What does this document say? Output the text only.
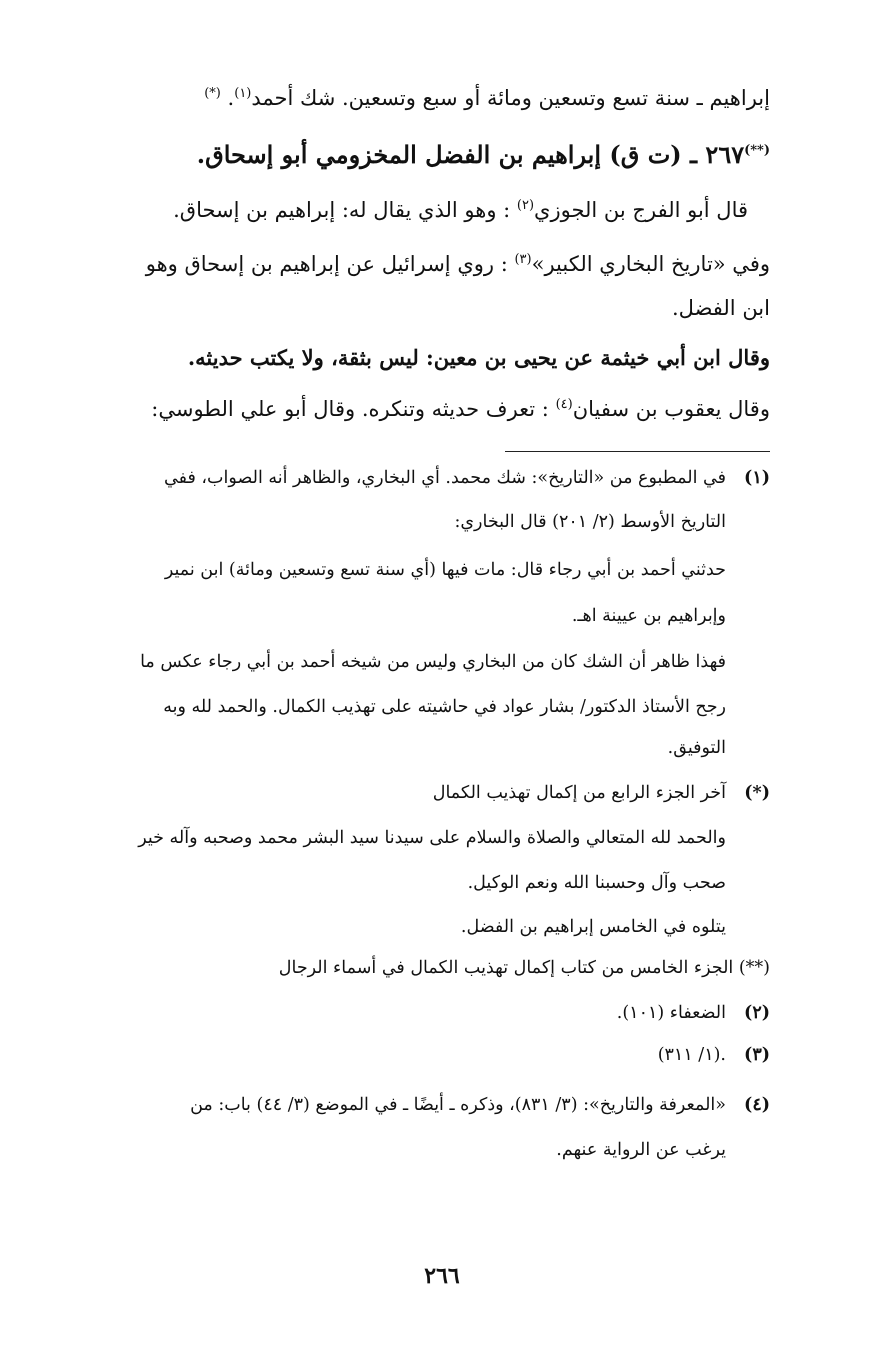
إبراهيم ـ سنة تسع وتسعين ومائة أو سبع وتسعين. شك أحمد$^{(١)}$. (*)
(**)٢٦٧ ـ (ت ق) إبراهيم بن الفضل المخزومي أبو إسحاق.
قال أبو الفرج بن الجوزي$^{(٢)}$ : وهو الذي يقال له: إبراهيم بن إسحاق.
وفي «تاريخ البخاري الكبير»$^{(٣)}$ : روي إسرائيل عن إبراهيم بن إسحاق وهو
ابن الفضل.
وقال ابن أبي خيثمة عن يحيى بن معين: ليس بثقة، ولا يكتب حديثه.
وقال يعقوب بن سفيان$^{(٤)}$ : تعرف حديثه وتنكره. وقال أبو علي الطوسي:
(١)
في المطبوع من «التاريخ»: شك محمد. أي البخاري، والظاهر أنه الصواب، ففي
التاريخ الأوسط (٢/ ٢٠١) قال البخاري:
حدثني أحمد بن أبي رجاء قال: مات فيها (أي سنة تسع وتسعين ومائة) ابن نمير
وإبراهيم بن عيينة اهـ.
فهذا ظاهر أن الشك كان من البخاري وليس من شيخه أحمد بن أبي رجاء عكس ما
رجح الأستاذ الدكتور/ بشار عواد في حاشيته على تهذيب الكمال. والحمد لله وبه
التوفيق.
(*)
آخر الجزء الرابع من إكمال تهذيب الكمال
والحمد لله المتعالي والصلاة والسلام على سيدنا سيد البشر محمد وصحبه وآله خير
صحب وآل وحسبنا الله ونعم الوكيل.
يتلوه في الخامس إبراهيم بن الفضل.
(**) الجزء الخامس من كتاب إكمال تهذيب الكمال في أسماء الرجال
(٢)
الضعفاء (١٠١).
(٣)
(١/ ٣١١).
(٤)
«المعرفة والتاريخ»: (٣/ ٨٣١)، وذكره ـ أيضًا ـ في الموضع (٣/ ٤٤) باب: من
يرغب عن الرواية عنهم.
٢٦٦
